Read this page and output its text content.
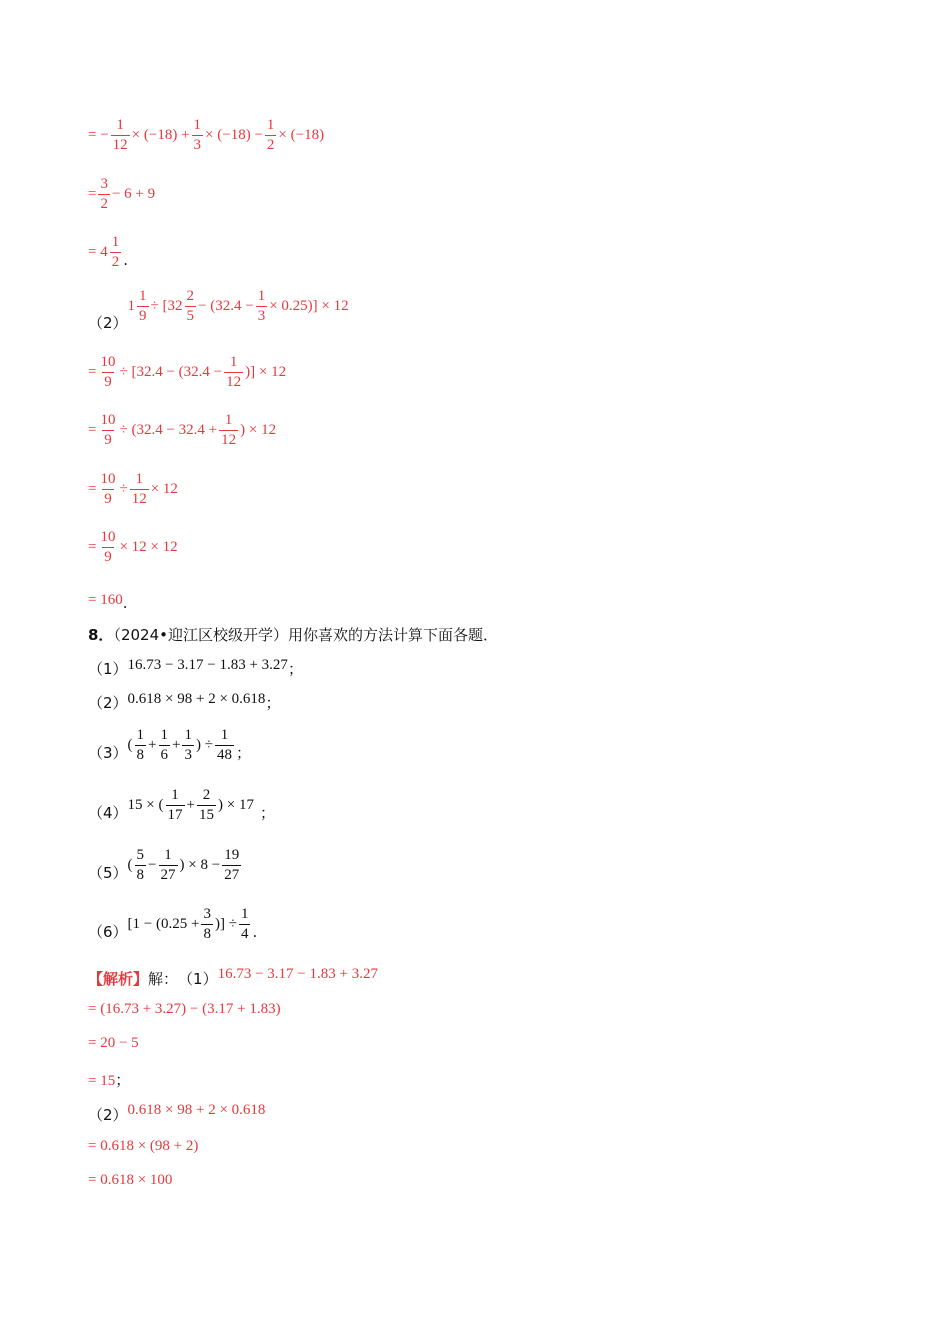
= − $\frac{1}{12} \times (-18) + \frac{1}{3} \times (-18) - \frac{1}{2} \times (-18)$
= $\frac{3}{2} - 6 + 9$
= $4 \frac{1}{2}$ .
（2）
$1 \frac{1}{9} \div [32 \frac{2}{5} - (32.4 - \frac{1}{3} \times 0.25)] \times 12$
= $\frac{10}{9} \div [32.4 - (32.4 - \frac{1}{12}$ )] × 12
= $\frac{10}{9} \div (32.4 - 32.4 + \frac{1}{12}$ ) × 12
= $\frac{10}{9} \div \frac{1}{12} \times 12$
= $\frac{10}{9} \times 12 \times 12$
= 160 .
8．（2024•迎江区校级开学）用你喜欢的方法计算下面各题．
（1） 16.73 − 3.17 − 1.83 + 3.27 ；
（2） 0.618 × 98 + 2 × 0.618 ；
（3） ( $\frac{1}{8} + \frac{1}{6} + \frac{1}{3}$ ) ÷ $\frac{1}{48}$ ；
（4） 15 × ( $\frac{1}{17} + \frac{2}{15}$ ) × 17 ；
（5） ( $\frac{5}{8} - \frac{1}{27}$ ) × $8 - \frac{19}{27}$
（6） [$1 - (0.25 + \frac{3}{8}$ )] ÷ $\frac{1}{4}$ .
【解析】 解： （1） 16.73 − 3.17 − 1.83 + 3.27
= (16.73 + 3.27) − (3.17 + 1.83)
= 20 − 5
= 15；
（2） 0.618 × 98 + 2 × 0.618
= 0.618 × (98 + 2)
= 0.618 × 100
